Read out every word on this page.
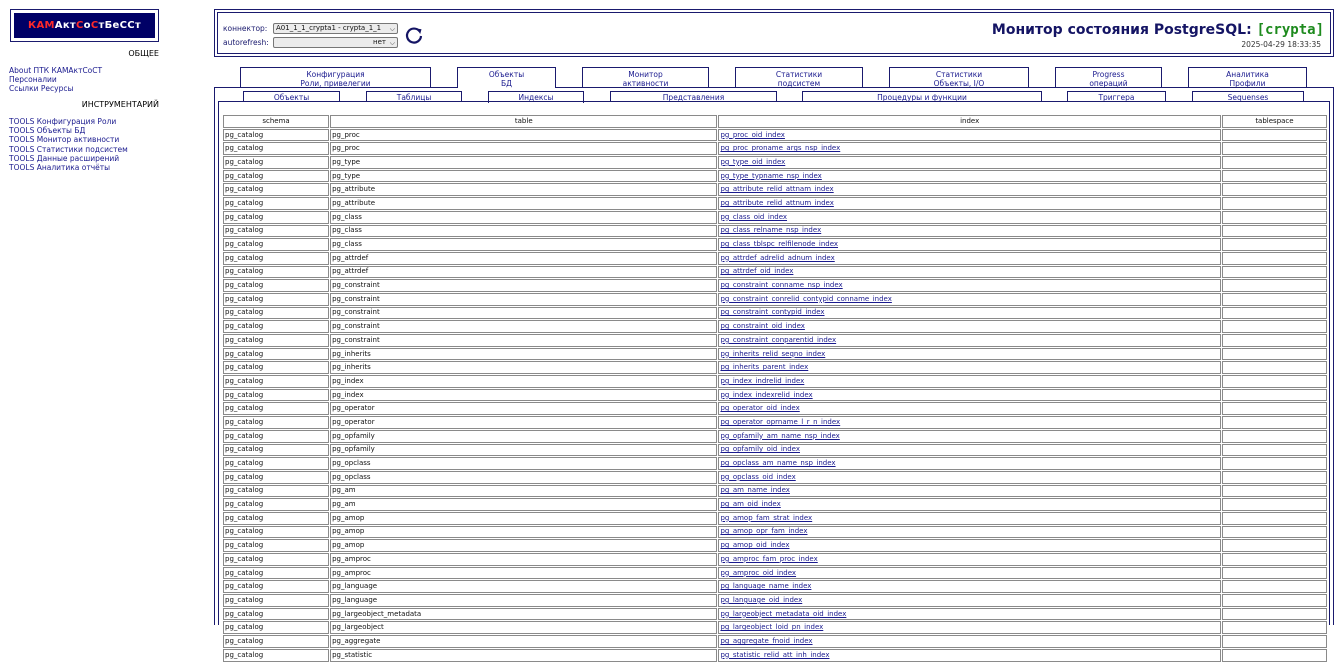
КАМ А кт С о С т БеССт
ОБЩЕЕ
About ПТК КАМАктСоСТ
Персоналии
Ссылки Ресурсы
ИНСТРУМЕНТАРИЙ
TOOLS Конфигурация Роли
TOOLS Объекты БД
TOOLS Монитор активности
TOOLS Статистики подсистем
TOOLS Данные расширений
TOOLS Аналитика отчёты
коннектор:	A01_1_1_crypta1 - crypta_1_1 ⌵
autorefresh:	нет ⌵
Монитор состояния PostgreSQL: [crypta]
2025-04-29 18:33:35
Конфигурация
Роли, привелегии
Объекты
БД
Монитор
активности
Статистики
подсистем
Статистики
Объекты, I/O
Progress
операций
Аналитика
Профили
Объекты	Таблицы	Индексы	Представления	Процедуры и функции	Триггера	Sequenses
schema	table	index	tablespace
pg_catalog	pg_proc	pg_proc_oid_index	
pg_catalog	pg_proc	pg_proc_proname_args_nsp_index	
pg_catalog	pg_type	pg_type_oid_index	
pg_catalog	pg_type	pg_type_typname_nsp_index	
pg_catalog	pg_attribute	pg_attribute_relid_attnam_index	
pg_catalog	pg_attribute	pg_attribute_relid_attnum_index	
pg_catalog	pg_class	pg_class_oid_index	
pg_catalog	pg_class	pg_class_relname_nsp_index	
pg_catalog	pg_class	pg_class_tblspc_relfilenode_index	
pg_catalog	pg_attrdef	pg_attrdef_adrelid_adnum_index	
pg_catalog	pg_attrdef	pg_attrdef_oid_index	
pg_catalog	pg_constraint	pg_constraint_conname_nsp_index	
pg_catalog	pg_constraint	pg_constraint_conrelid_contypid_conname_index	
pg_catalog	pg_constraint	pg_constraint_contypid_index	
pg_catalog	pg_constraint	pg_constraint_oid_index	
pg_catalog	pg_constraint	pg_constraint_conparentid_index	
pg_catalog	pg_inherits	pg_inherits_relid_seqno_index	
pg_catalog	pg_inherits	pg_inherits_parent_index	
pg_catalog	pg_index	pg_index_indrelid_index	
pg_catalog	pg_index	pg_index_indexrelid_index	
pg_catalog	pg_operator	pg_operator_oid_index	
pg_catalog	pg_operator	pg_operator_oprname_l_r_n_index	
pg_catalog	pg_opfamily	pg_opfamily_am_name_nsp_index	
pg_catalog	pg_opfamily	pg_opfamily_oid_index	
pg_catalog	pg_opclass	pg_opclass_am_name_nsp_index	
pg_catalog	pg_opclass	pg_opclass_oid_index	
pg_catalog	pg_am	pg_am_name_index	
pg_catalog	pg_am	pg_am_oid_index	
pg_catalog	pg_amop	pg_amop_fam_strat_index	
pg_catalog	pg_amop	pg_amop_opr_fam_index	
pg_catalog	pg_amop	pg_amop_oid_index	
pg_catalog	pg_amproc	pg_amproc_fam_proc_index	
pg_catalog	pg_amproc	pg_amproc_oid_index	
pg_catalog	pg_language	pg_language_name_index	
pg_catalog	pg_language	pg_language_oid_index	
pg_catalog	pg_largeobject_metadata	pg_largeobject_metadata_oid_index	
pg_catalog	pg_largeobject	pg_largeobject_loid_pn_index	
pg_catalog	pg_aggregate	pg_aggregate_fnoid_index	
pg_catalog	pg_statistic	pg_statistic_relid_att_inh_index	
